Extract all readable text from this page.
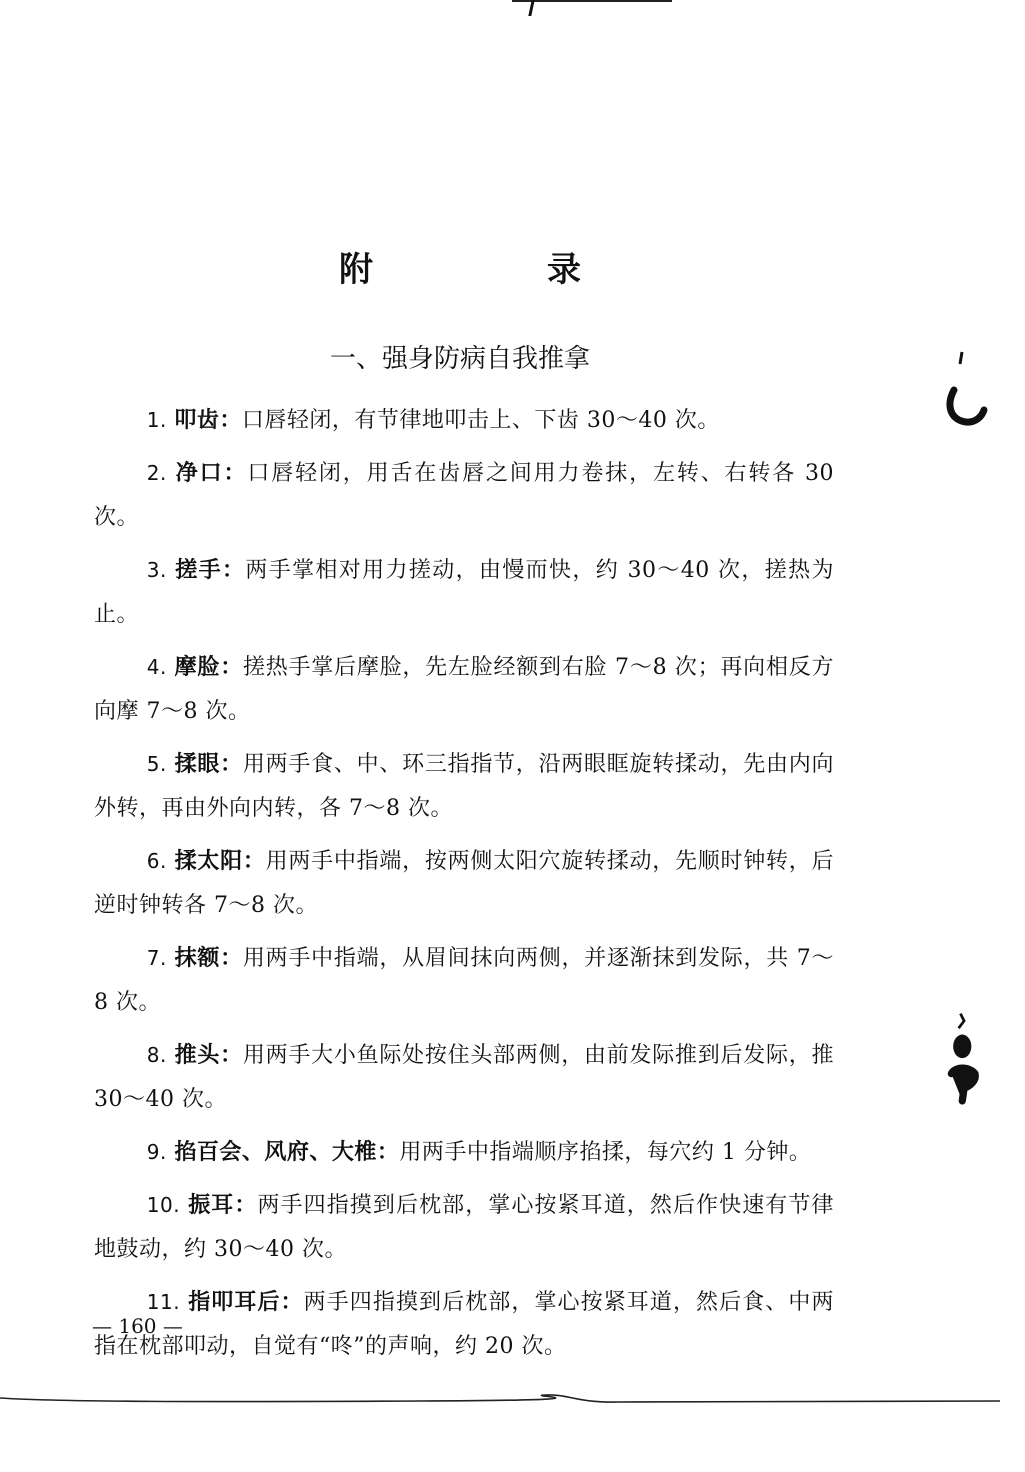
附　录
一、强身防病自我推拿

1. 叩齿：口唇轻闭，有节律地叩击上、下齿 30～40 次。

2. 净口：口唇轻闭，用舌在齿唇之间用力卷抹，左转、右转各 30 次。

3. 搓手：两手掌相对用力搓动，由慢而快，约 30～40 次，搓热为止。

4. 摩脸：搓热手掌后摩脸，先左脸经额到右脸 7～8 次；再向相反方向摩 7～8 次。

5. 揉眼：用两手食、中、环三指指节，沿两眼眶旋转揉动，先由内向外转，再由外向内转，各 7～8 次。

6. 揉太阳：用两手中指端，按两侧太阳穴旋转揉动，先顺时钟转，后逆时钟转各 7～8 次。

7. 抹额：用两手中指端，从眉间抹向两侧，并逐渐抹到发际，共 7～8 次。

8. 推头：用两手大小鱼际处按住头部两侧，由前发际推到后发际，推 30～40 次。

9. 掐百会、风府、大椎：用两手中指端顺序掐揉，每穴约 1 分钟。

10. 振耳：两手四指摸到后枕部，掌心按紧耳道，然后作快速有节律地鼓动，约 30～40 次。

11. 指叩耳后：两手四指摸到后枕部，掌心按紧耳道，然后食、中两指在枕部叩动，自觉有“咚”的声响，约 20 次。

— 160 —
